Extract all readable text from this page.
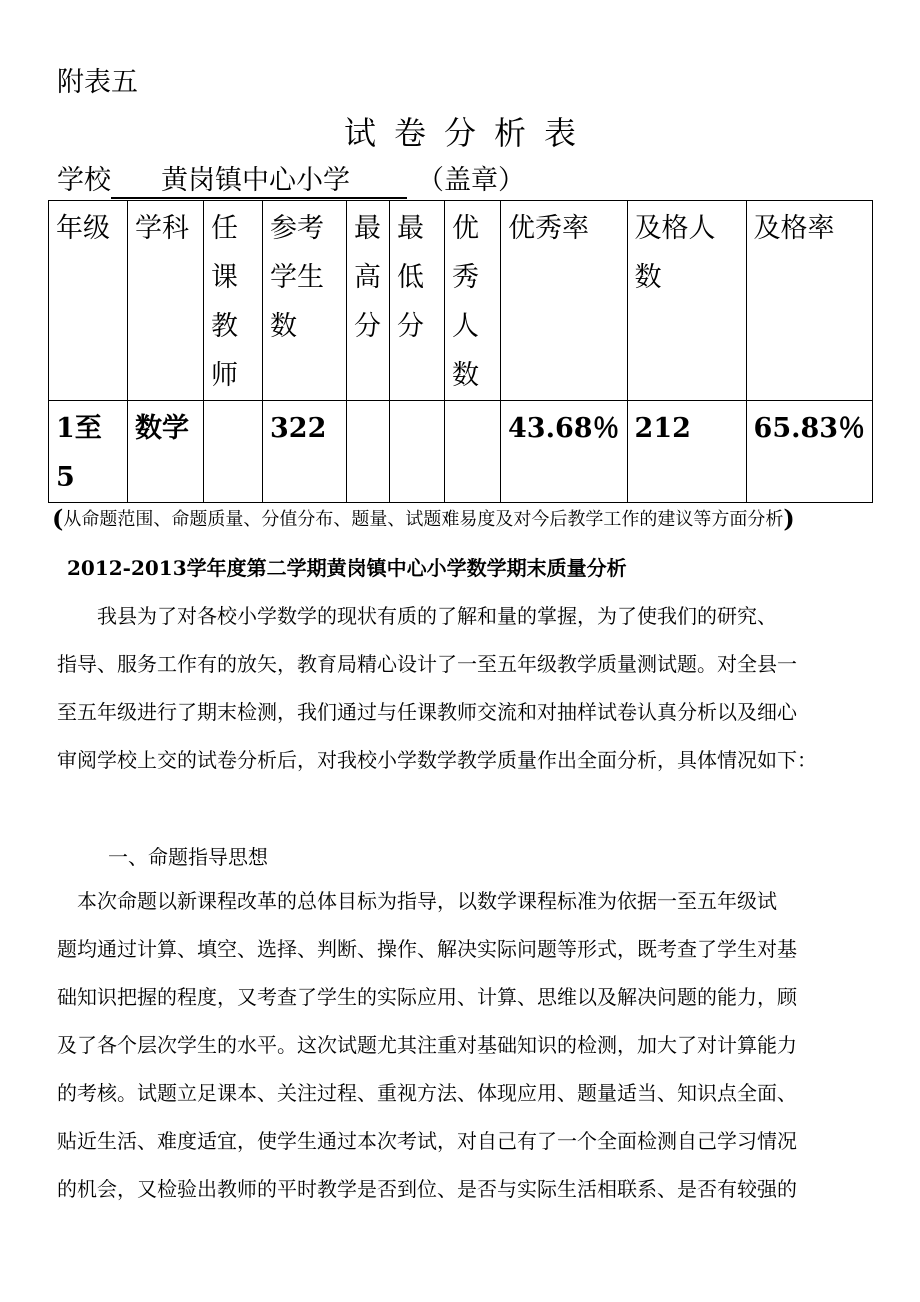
附表五
试卷分析表
学校 黄岗镇中心小学 （盖章）
年级	学科	任课教师	参考学生数	最高分	最低分	优秀人数	优秀率	及格人数	及格率
1至5	数学		322				43.68％	212	65.83％
(从命题范围、命题质量、分值分布、题量、试题难易度及对今后教学工作的建议等方面分析)
2012-2013学年度第二学期黄岗镇中心小学数学期末质量分析

　　我县为了对各校小学数学的现状有质的了解和量的掌握，为了使我们的研究、

指导、服务工作有的放矢，教育局精心设计了一至五年级教学质量测试题。对全县一

至五年级进行了期末检测，我们通过与任课教师交流和对抽样试卷认真分析以及细心

审阅学校上交的试卷分析后，对我校小学数学教学质量作出全面分析，具体情况如下：

一、命题指导思想

　本次命题以新课程改革的总体目标为指导，以数学课程标准为依据一至五年级试

题均通过计算、填空、选择、判断、操作、解决实际问题等形式，既考查了学生对基

础知识把握的程度，又考查了学生的实际应用、计算、思维以及解决问题的能力，顾

及了各个层次学生的水平。这次试题尤其注重对基础知识的检测，加大了对计算能力

的考核。试题立足课本、关注过程、重视方法、体现应用、题量适当、知识点全面、

贴近生活、难度适宜，使学生通过本次考试，对自己有了一个全面检测自己学习情况

的机会，又检验出教师的平时教学是否到位、是否与实际生活相联系、是否有较强的
